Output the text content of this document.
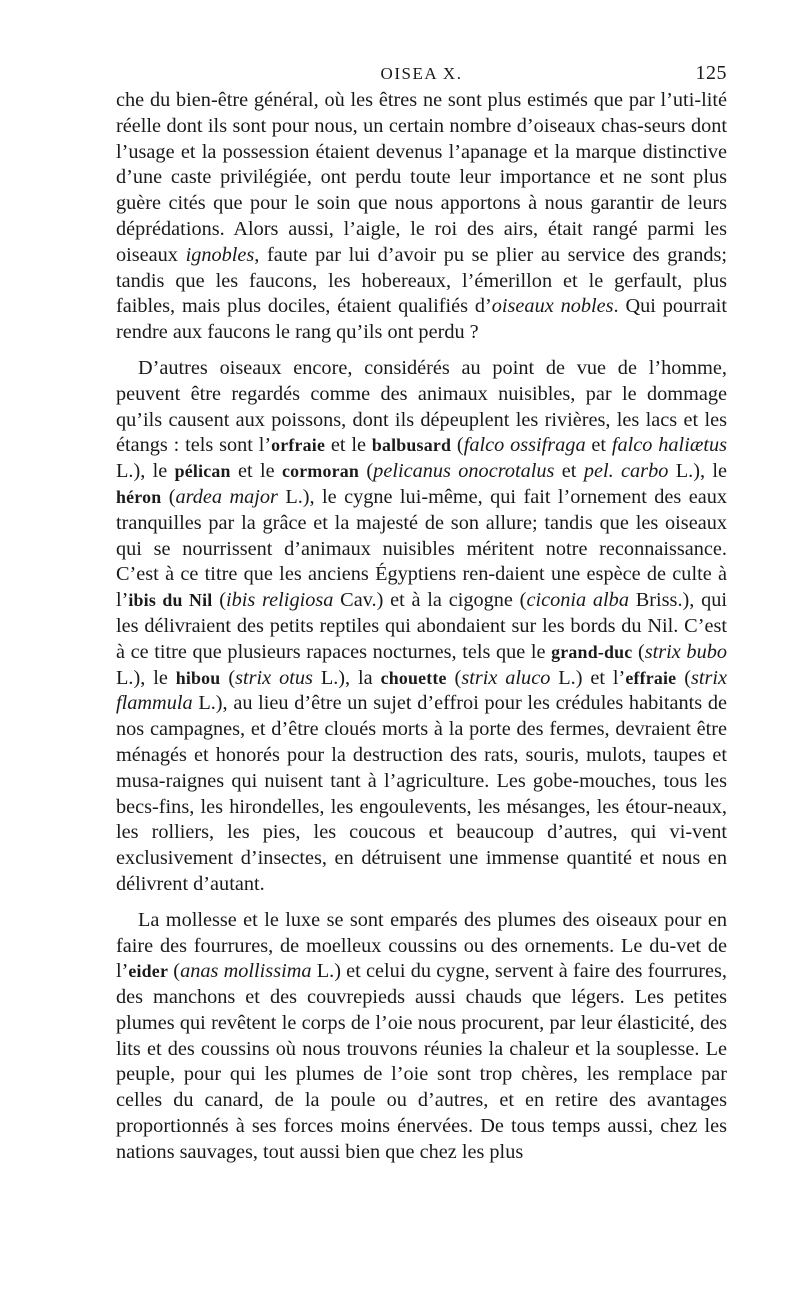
OISEA X.	125

che du bien-être général, où les êtres ne sont plus estimés que par l’uti-lité réelle dont ils sont pour nous, un certain nombre d’oiseaux chas-seurs dont l’usage et la possession étaient devenus l’apanage et la marque distinctive d’une caste privilégiée, ont perdu toute leur importance et ne sont plus guère cités que pour le soin que nous apportons à nous garantir de leurs déprédations. Alors aussi, l’aigle, le roi des airs, était rangé parmi les oiseaux ignobles, faute par lui d’avoir pu se plier au service des grands; tandis que les faucons, les hobereaux, l’émerillon et le gerfault, plus faibles, mais plus dociles, étaient qualifiés d’oiseaux nobles. Qui pourrait rendre aux faucons le rang qu’ils ont perdu ?

D’autres oiseaux encore, considérés au point de vue de l’homme, peuvent être regardés comme des animaux nuisibles, par le dommage qu’ils causent aux poissons, dont ils dépeuplent les rivières, les lacs et les étangs : tels sont l’orfraie et le balbusard (falco ossifraga et falco haliætus L.), le pélican et le cormoran (pelicanus onocrotalus et pel. carbo L.), le héron (ardea major L.), le cygne lui-même, qui fait l’ornement des eaux tranquilles par la grâce et la majesté de son allure; tandis que les oiseaux qui se nourrissent d’animaux nuisibles méritent notre reconnaissance. C’est à ce titre que les anciens Égyptiens ren-daient une espèce de culte à l’ibis du Nil (ibis religiosa Cav.) et à la cigogne (ciconia alba Briss.), qui les délivraient des petits reptiles qui abondaient sur les bords du Nil. C’est à ce titre que plusieurs rapaces nocturnes, tels que le grand-duc (strix bubo L.), le hibou (strix otus L.), la chouette (strix aluco L.) et l’effraie (strix flammula L.), au lieu d’être un sujet d’effroi pour les crédules habitants de nos campagnes, et d’être cloués morts à la porte des fermes, devraient être ménagés et honorés pour la destruction des rats, souris, mulots, taupes et musa-raignes qui nuisent tant à l’agriculture. Les gobe-mouches, tous les becs-fins, les hirondelles, les engoulevents, les mésanges, les étour-neaux, les rolliers, les pies, les coucous et beaucoup d’autres, qui vi-vent exclusivement d’insectes, en détruisent une immense quantité et nous en délivrent d’autant.

La mollesse et le luxe se sont emparés des plumes des oiseaux pour en faire des fourrures, de moelleux coussins ou des ornements. Le du-vet de l’eider (anas mollissima L.) et celui du cygne, servent à faire des fourrures, des manchons et des couvrepieds aussi chauds que légers. Les petites plumes qui revêtent le corps de l’oie nous procurent, par leur élasticité, des lits et des coussins où nous trouvons réunies la chaleur et la souplesse. Le peuple, pour qui les plumes de l’oie sont trop chères, les remplace par celles du canard, de la poule ou d’autres, et en retire des avantages proportionnés à ses forces moins énervées. De tous temps aussi, chez les nations sauvages, tout aussi bien que chez les plus
